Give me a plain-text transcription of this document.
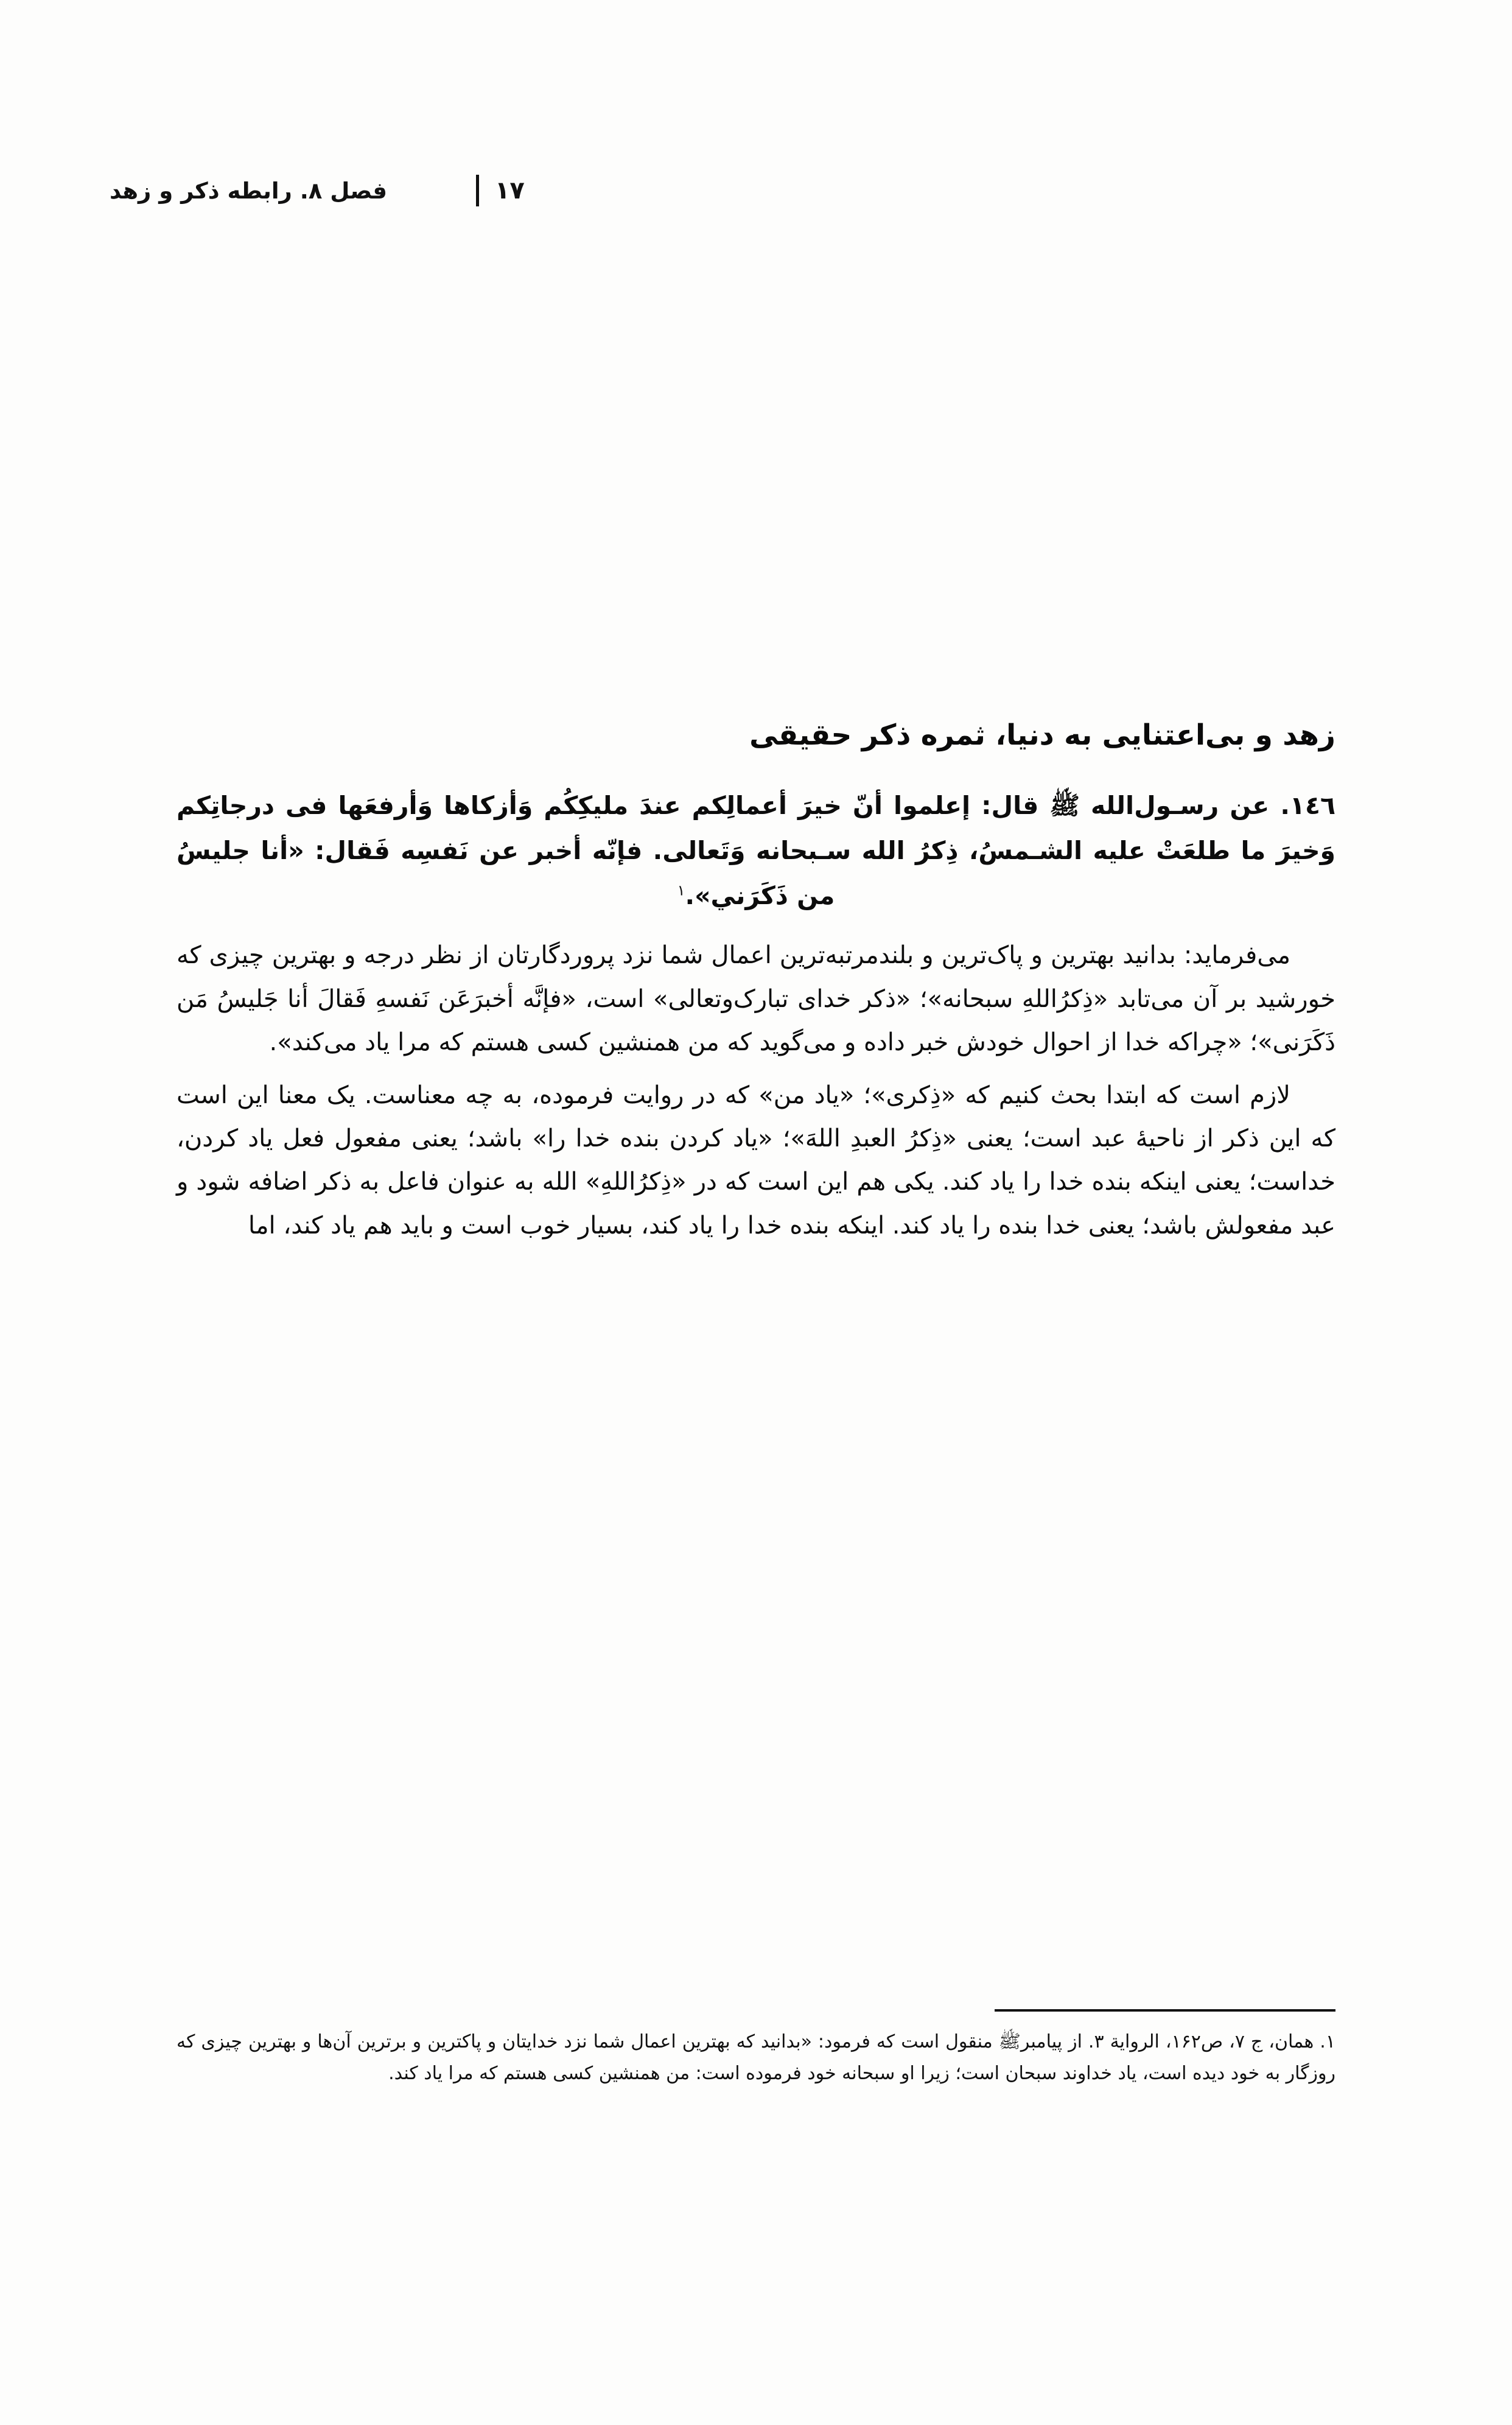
فصل ۸. رابطه ذکر و زهد	۱۷
زهد و بی‌اعتنایی به دنیا، ثمره ذکر حقیقی

۱٤٦. عن رسـول‌الله ﷺ قال: إعلموا أنّ خيرَ أعمالِكم عندَ مليكِكُم وَأزكاها وَأرفعَها فى درجاتِكم وَخيرَ ما طلعَتْ عليه الشـمسُ، ذِكرُ الله سـبحانه وَتَعالى. فإنّه أخبر عن نَفسِه فَقال: «أنا جليسُ من ذَكَرَني».$^۱$

می‌فرماید: بدانید بهترین و پاک‌ترین و بلندمرتبه‌ترین اعمال شما نزد پروردگارتان از نظر درجه و بهترین چیزی که خورشید بر آن می‌تابد «ذِکرُ‌اللهِ سبحانه»؛ «ذکر خدای تبارک‌وتعالی» است، «فإنَّه أخبرَعَن نَفسهِ فَقالَ أنا جَلیسُ مَن ذَکَرَنی»؛ «چراکه خدا از احوال خودش خبر داده و می‌گوید که من همنشین کسی هستم که مرا یاد می‌کند».

لازم است که ابتدا بحث کنیم که «ذِکری»؛ «یاد من» که در روایت فرموده، به چه معناست. یک معنا این است که این ذکر از ناحیهٔ عبد است؛ یعنی «ذِکرُ العبدِ اللهَ»؛ «یاد کردن بنده خدا را» باشد؛ یعنی مفعول فعل یاد کردن، خداست؛ یعنی اینکه بنده خدا را یاد کند. یکی هم این است که در «ذِکرُ‌اللهِ» الله به عنوان فاعل به ذکر اضافه شود و عبد مفعولش باشد؛ یعنی خدا بنده را یاد کند. اینکه بنده خدا را یاد کند، بسیار خوب است و باید هم یاد کند، اما

۱. همان، ج ۷، ص۱۶۲، الروایة ۳. از پیامبرﷺ منقول است که فرمود: «بدانید که بهترین اعمال شما نزد خدایتان و پاکترین و برترین آن‌ها و بهترین چیزی که روزگار به خود دیده است، یاد خداوند سبحان است؛ زیرا او سبحانه خود فرموده است: من همنشین کسی هستم که مرا یاد کند.
